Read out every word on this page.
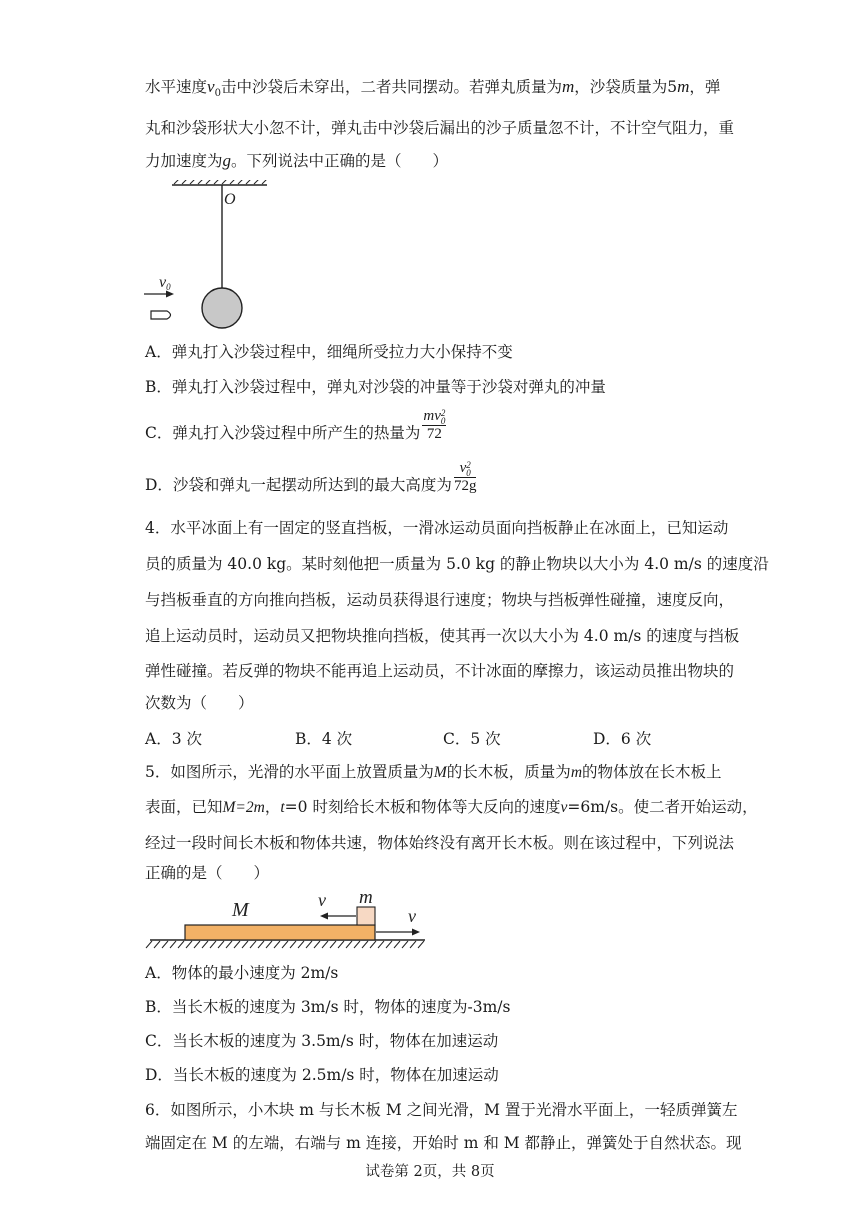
水平速度$v_0$击中沙袋后未穿出，二者共同摆动。若弹丸质量为m，沙袋质量为5m，弹
丸和沙袋形状大小忽不计，弹丸击中沙袋后漏出的沙子质量忽不计，不计空气阻力，重
力加速度为g。下列说法中正确的是（　　）
O
v0
A．弹丸打入沙袋过程中，细绳所受拉力大小保持不变
B．弹丸打入沙袋过程中，弹丸对沙袋的冲量等于沙袋对弹丸的冲量
C．弹丸打入沙袋过程中所产生的热量为 mv 2
0
72
D．沙袋和弹丸一起摆动所达到的最大高度为 v 2
0
72g
4．水平冰面上有一固定的竖直挡板，一滑冰运动员面向挡板静止在冰面上，已知运动
员的质量为 40.0 kg。某时刻他把一质量为 5.0 kg 的静止物块以大小为 4.0 m/s 的速度沿
与挡板垂直的方向推向挡板，运动员获得退行速度；物块与挡板弹性碰撞，速度反向，
追上运动员时，运动员又把物块推向挡板，使其再一次以大小为 4.0 m/s 的速度与挡板
弹性碰撞。若反弹的物块不能再追上运动员，不计冰面的摩擦力，该运动员推出物块的
次数为（　　）
A．3 次	B．4 次	C．5 次	D．6 次
5．如图所示，光滑的水平面上放置质量为M的长木板，质量为m的物体放在长木板上
表面，已知M=2m，t=0 时刻给长木板和物体等大反向的速度v=6m/s。使二者开始运动，
经过一段时间长木板和物体共速，物体始终没有离开长木板。则在该过程中，下列说法
正确的是（　　）
M
m
v
v
A．物体的最小速度为 2m/s
B．当长木板的速度为 3m/s 时，物体的速度为-3m/s
C．当长木板的速度为 3.5m/s 时，物体在加速运动
D．当长木板的速度为 2.5m/s 时，物体在加速运动
6．如图所示，小木块 m 与长木板 M 之间光滑，M 置于光滑水平面上，一轻质弹簧左
端固定在 M 的左端，右端与 m 连接，开始时 m 和 M 都静止，弹簧处于自然状态。现
试卷第 2页，共 8页
